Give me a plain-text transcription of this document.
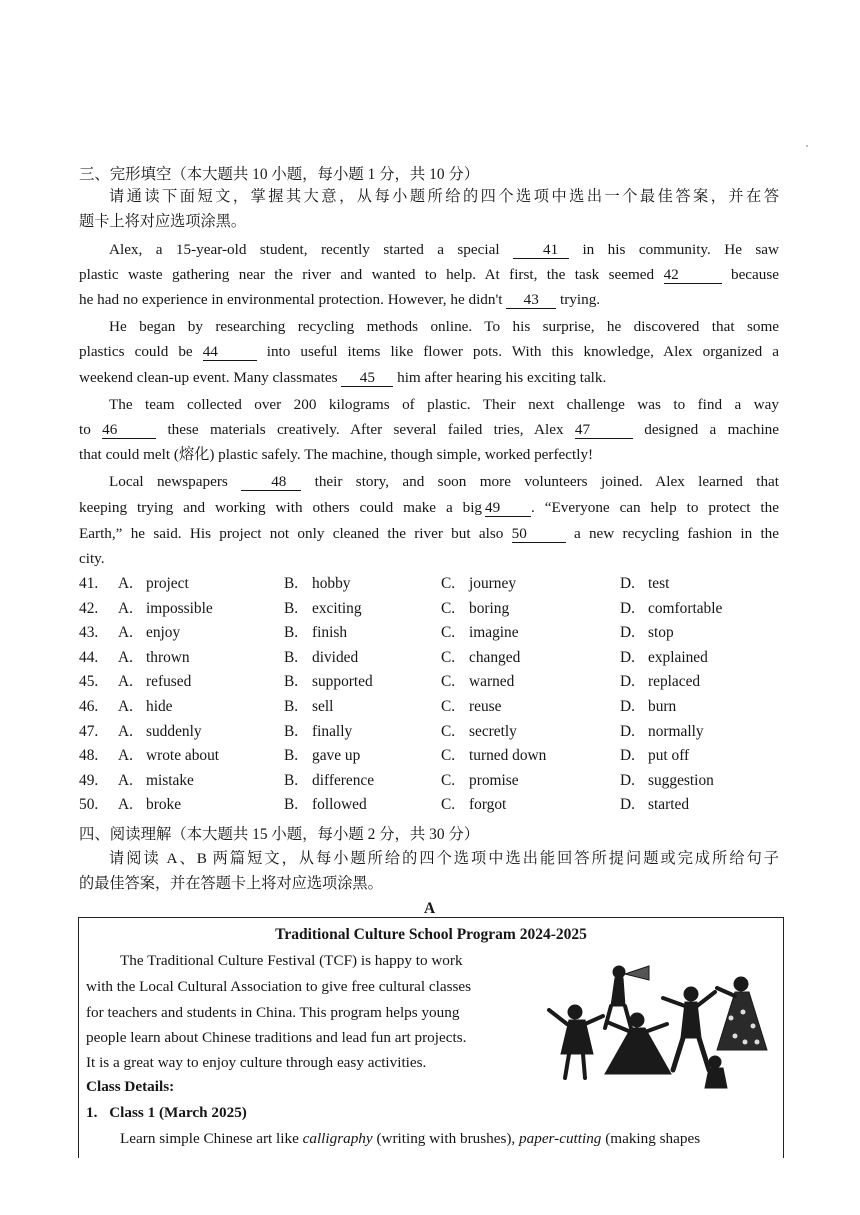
三、完形填空（本大题共 10 小题，每小题 1 分，共 10 分）
请通读下面短文，掌握其大意，从每小题所给的四个选项中选出一个最佳答案，并在答
题卡上将对应选项涂黑。
Alex, a 15-year-old student, recently started a special	41 in his community. He saw
plastic waste gathering near the river and wanted to help. At first, the task seemed 42	because
he had no experience in environmental protection. However, he didn't 43 trying.
He began by researching recycling methods online. To his surprise, he discovered that some
plastics could be 44	into useful items like flower pots. With this knowledge, Alex organized a
weekend clean-up event. Many classmates 45 him after hearing his exciting talk.
The team collected over 200 kilograms of plastic. Their next challenge was to find a way
to 46	these materials creatively. After several failed tries, Alex 47	designed a machine
that could melt (熔化) plastic safely. The machine, though simple, worked perfectly!
Local newspapers	48 their story, and soon more volunteers joined. Alex learned that
keeping trying and working with others could make a big 49 . “Everyone can help to protect the
Earth,” he said. His project not only cleaned the river but also 50	a new recycling fashion in the
city.
41. A. project	B. hobby	C. journey	D. test
42. A. impossible	B. exciting	C. boring	D. comfortable
43. A. enjoy	B. finish	C. imagine	D. stop
44. A. thrown	B. divided	C. changed	D. explained
45. A. refused	B. supported	C. warned	D. replaced
46. A. hide	B. sell	C. reuse	D. burn
47. A. suddenly	B. finally	C. secretly	D. normally
48. A. wrote about	B. gave up	C. turned down	D. put off
49. A. mistake	B. difference	C. promise	D. suggestion
50. A. broke	B. followed	C. forgot	D. started
四、阅读理解（本大题共 15 小题，每小题 2 分，共 30 分）
请阅读 A、B 两篇短文，从每小题所给的四个选项中选出能回答所提问题或完成所给句子
的最佳答案，并在答题卡上将对应选项涂黑。
A
Traditional Culture School Program 2024-2025
The Traditional Culture Festival (TCF) is happy to work
with the Local Cultural Association to give free cultural classes
for teachers and students in China. This program helps young
people learn about Chinese traditions and lead fun art projects.
It is a great way to enjoy culture through easy activities.
Class Details:
1. Class 1 (March 2025)
Learn simple Chinese art like calligraphy (writing with brushes), paper-cutting (making shapes
